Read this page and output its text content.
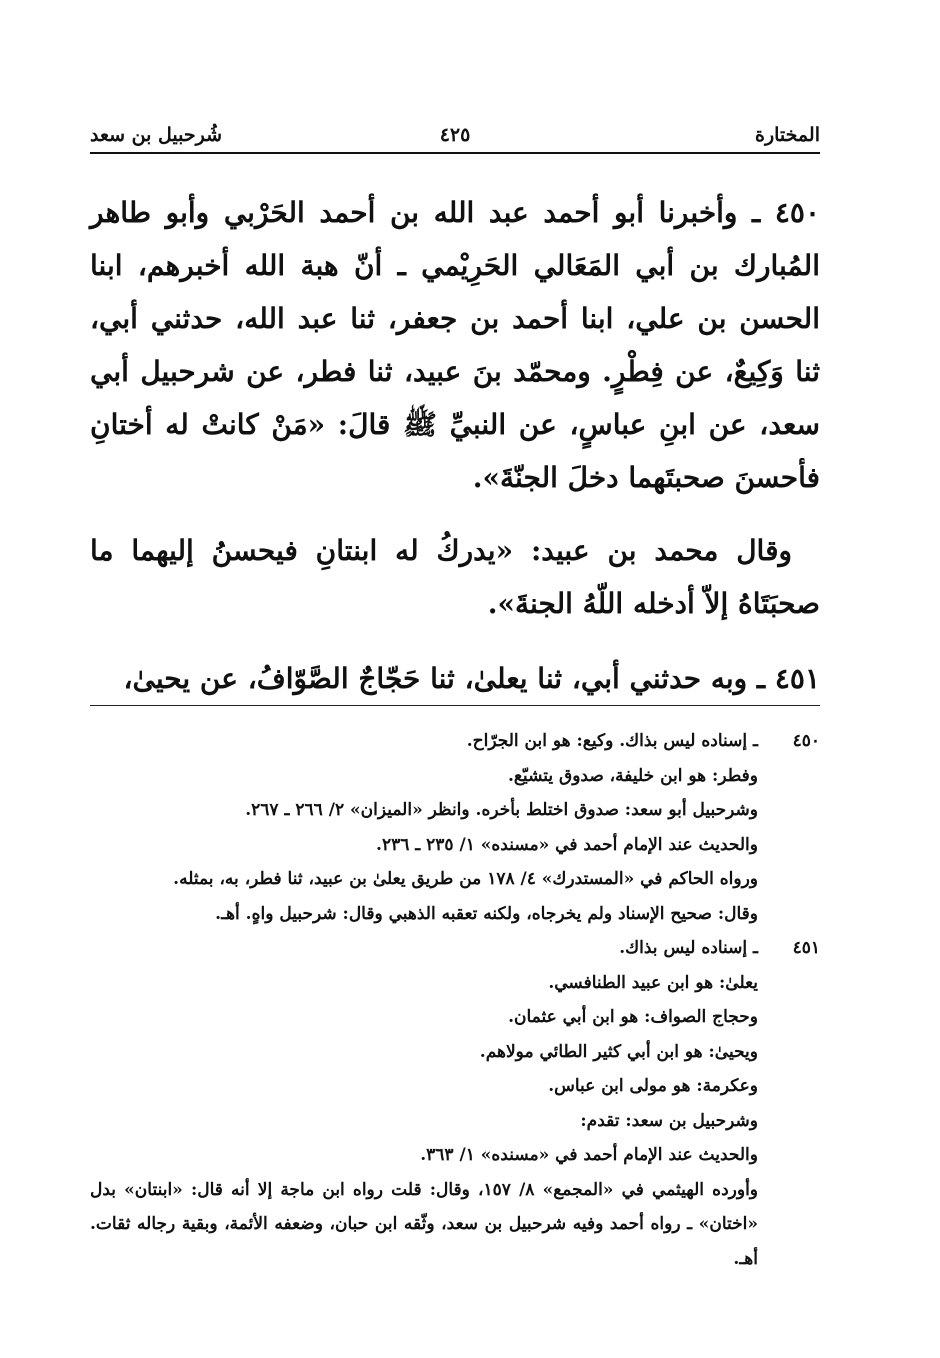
المختارة
٤٢٥
شُرحبيل بن سعد

٤٥٠ ـ وأخبرنا أبو أحمد عبد الله بن أحمد الحَرْبي وأبو طاهر المُبارك بن أبي المَعَالي الحَرِيْمي ـ أنّ هبة الله أخبرهم، ابنا الحسن بن علي، ابنا أحمد بن جعفر، ثنا عبد الله، حدثني أبي، ثنا وَكِيعٌ، عن فِطْرٍ. ومحمّد بنَ عبيد، ثنا فطر، عن شرحبيل أبي سعد، عن ابنِ عباسٍ، عن النبيِّ ﷺ قالَ: «مَنْ كانتْ له أختانِ فأحسنَ صحبتَهما دخلَ الجنّةَ».

وقال محمد بن عبيد: «يدركُ له ابنتانِ فيحسنُ إليهما ما صحبَتَاهُ إلاّ أدخله اللّهُ الجنةَ».

٤٥١ ـ وبه حدثني أبي، ثنا يعلىٰ، ثنا حَجّاجٌ الصَّوّافُ، عن يحيىٰ،

٤٥٠ـ إسناده ليس بذاك. وكيع: هو ابن الجرّاح.
وفطر: هو ابن خليفة، صدوق يتشيّع.
وشرحبيل أبو سعد: صدوق اختلط بأخره. وانظر «الميزان» ٢/ ٢٦٦ ـ ٢٦٧.
والحديث عند الإمام أحمد في «مسنده» ١/ ٢٣٥ ـ ٢٣٦.
ورواه الحاكم في «المستدرك» ٤/ ١٧٨ من طريق يعلىٰ بن عبيد، ثنا فطر، به، بمثله.
وقال: صحيح الإسناد ولم يخرجاه، ولكنه تعقبه الذهبي وقال: شرحبيل واهٍ. أهـ.
٤٥١ـ إسناده ليس بذاك.
يعلىٰ: هو ابن عبيد الطنافسي.
وحجاج الصواف: هو ابن أبي عثمان.
ويحيىٰ: هو ابن أبي كثير الطائي مولاهم.
وعكرمة: هو مولى ابن عباس.
وشرحبيل بن سعد: تقدم:
والحديث عند الإمام أحمد في «مسنده» ١/ ٣٦٣.
وأورده الهيثمي في «المجمع» ٨/ ١٥٧، وقال: قلت رواه ابن ماجة إلا أنه قال: «ابنتان» بدل «اختان» ـ رواه أحمد وفيه شرحبيل بن سعد، وثّقه ابن حبان، وضعفه الأئمة، وبقية رجاله ثقات. أهـ.
